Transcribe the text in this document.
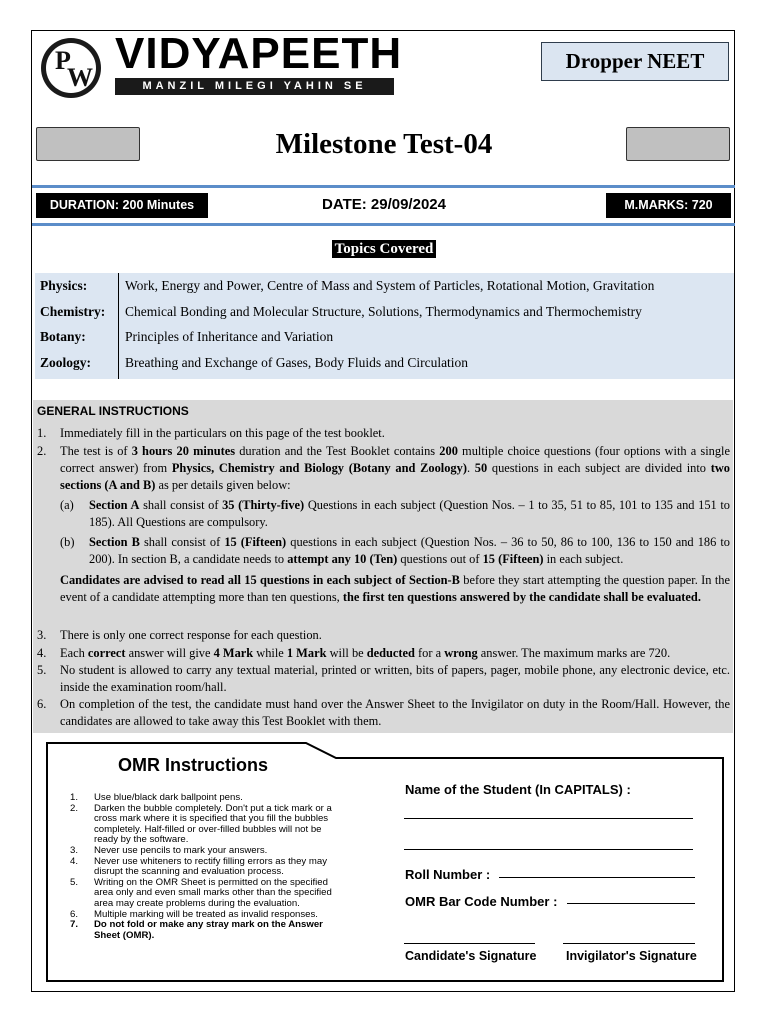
P
W VIDYAPEETH
MANZIL MILEGI YAHIN SE
Dropper NEET
Milestone Test-04
DURATION: 200 Minutes	DATE: 29/09/2024	M.MARKS: 720
Topics Covered
Physics:	Work, Energy and Power, Centre of Mass and System of Particles, Rotational Motion, Gravitation
Chemistry: Chemical Bonding and Molecular Structure, Solutions, Thermodynamics and Thermochemistry
Botany:	Principles of Inheritance and Variation
Zoology:	Breathing and Exchange of Gases, Body Fluids and Circulation
GENERAL INSTRUCTIONS
1. Immediately fill in the particulars on this page of the test booklet.
2. The test is of 3 hours 20 minutes duration and the Test Booklet contains 200 multiple choice questions (four options with a single correct answer) from Physics, Chemistry and Biology (Botany and Zoology). 50 questions in each subject are divided into two sections (A and B) as per details given below:
(a) Section A shall consist of 35 (Thirty-five) Questions in each subject (Question Nos. – 1 to 35, 51 to 85, 101 to 135 and 151 to 185). All Questions are compulsory.
(b) Section B shall consist of 15 (Fifteen) questions in each subject (Question Nos. – 36 to 50, 86 to 100, 136 to 150 and 186 to 200). In section B, a candidate needs to attempt any 10 (Ten) questions out of 15 (Fifteen) in each subject.
Candidates are advised to read all 15 questions in each subject of Section-B before they start attempting the question paper. In the event of a candidate attempting more than ten questions, the first ten questions answered by the candidate shall be evaluated.
3. There is only one correct response for each question.
4. Each correct answer will give 4 Mark while 1 Mark will be deducted for a wrong answer. The maximum marks are 720.
5. No student is allowed to carry any textual material, printed or written, bits of papers, pager, mobile phone, any electronic device, etc. inside the examination room/hall.
6. On completion of the test, the candidate must hand over the Answer Sheet to the Invigilator on duty in the Room/Hall. However, the candidates are allowed to take away this Test Booklet with them.
OMR Instructions
1. Use blue/black dark ballpoint pens.
2. Darken the bubble completely. Don't put a tick mark or a cross mark where it is specified that you fill the bubbles completely. Half-filled or over-filled bubbles will not be ready by the software.
3. Never use pencils to mark your answers.
4. Never use whiteners to rectify filling errors as they may disrupt the scanning and evaluation process.
5. Writing on the OMR Sheet is permitted on the specified area only and even small marks other than the specified area may create problems during the evaluation.
6. Multiple marking will be treated as invalid responses.
7. Do not fold or make any stray mark on the Answer Sheet (OMR).
Name of the Student (In CAPITALS) :
Roll Number :
OMR Bar Code Number :
Candidate's Signature Invigilator's Signature
